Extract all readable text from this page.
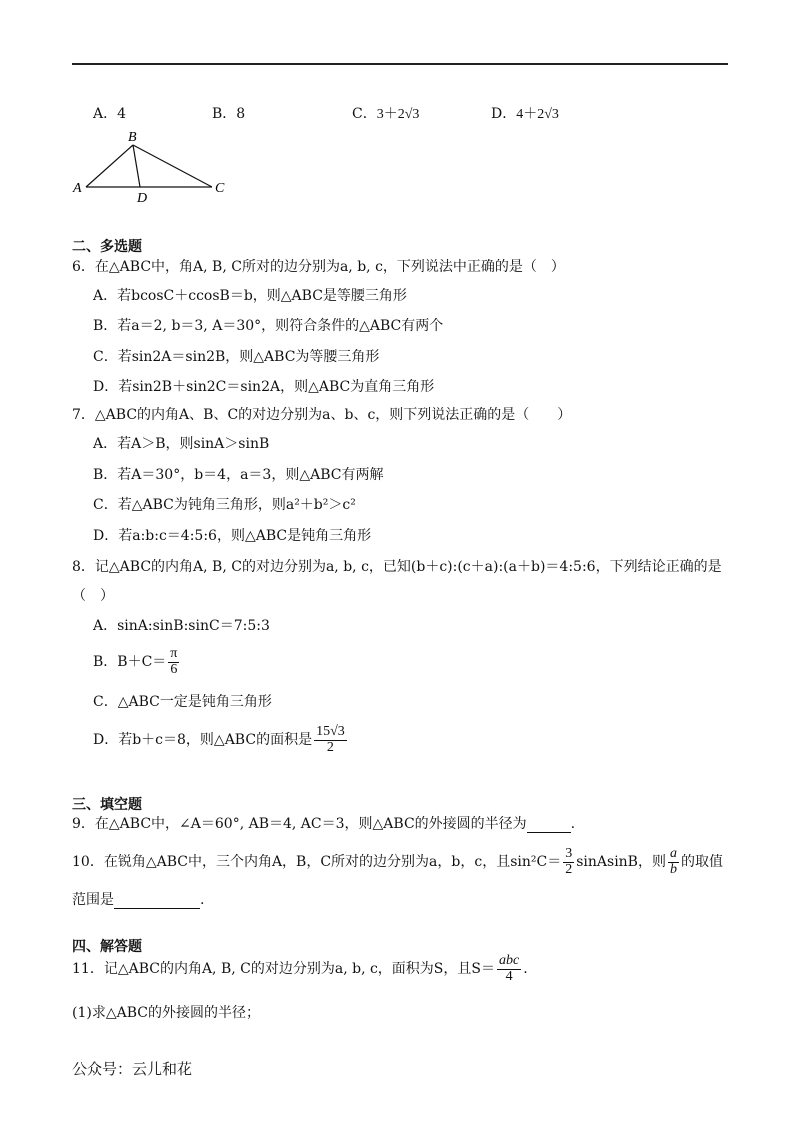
A．4	B．8	C．3＋2√3	D．4＋2√3
B
A
D
C
二、多选题
6．在△ABC中，角A, B, C所对的边分别为a, b, c，下列说法中正确的是（　）
A．若bcosC＋ccosB＝b，则△ABC是等腰三角形
B．若a＝2, b＝3, A＝30°，则符合条件的△ABC有两个
C．若sin2A＝sin2B，则△ABC为等腰三角形
D．若sin2B＋sin2C＝sin2A，则△ABC为直角三角形
7．△ABC的内角A、B、C的对边分别为a、b、c，则下列说法正确的是（　　）
A．若A＞B，则sinA＞sinB
B．若A＝30°，b＝4，a＝3，则△ABC有两解
C．若△ABC为钝角三角形，则a²＋b²＞c²
D．若a:b:c＝4:5:6，则△ABC是钝角三角形
8．记△ABC的内角A, B, C的对边分别为a, b, c，已知(b＋c):(c＋a):(a＋b)＝4:5:6，下列结论正确的是
（　）
A．sinA:sinB:sinC＝7:5:3
B．$B+C= \frac{\pi}{6}$
C．△ABC一定是钝角三角形
D．若b＋c＝8，则△ABC的面积是 $\frac{15√3}{2}$
三、填空题
9．在△ABC中，∠A＝60°, AB＝4, AC＝3，则△ABC的外接圆的半径为	.
10．在锐角△ABC中，三个内角A，B，C所对的边分别为a，b，c，且$\sin^2C= \frac{3}{2}$ sinAsinB，则 $\frac{a}{b}$ 的取值
范围是	.
四、解答题
11．记△ABC的内角A, B, C的对边分别为a, b, c，面积为S，且$S= \frac{\text{abc}}{4}$ .
(1)求△ABC的外接圆的半径；
公众号：云儿和花
